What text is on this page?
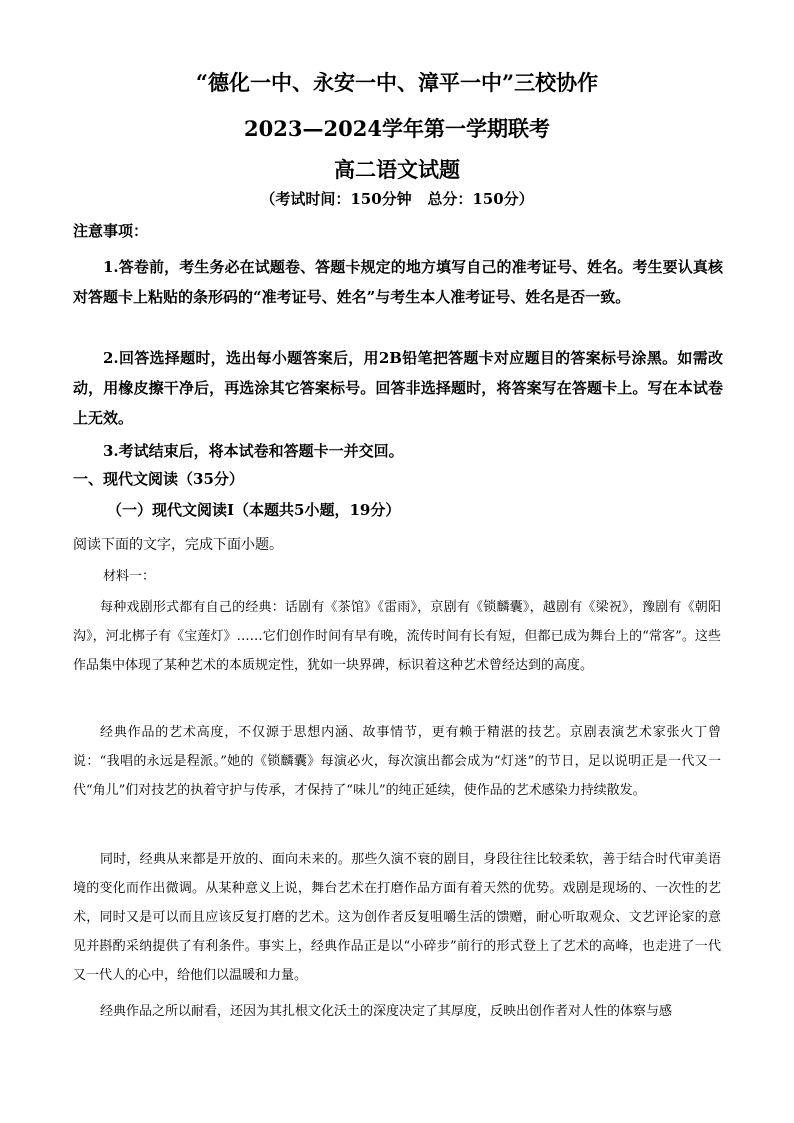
“德化一中、永安一中、漳平一中”三校协作
2023—2024学年第一学期联考
高二语文试题
（考试时间：150分钟   总分：150分）
注意事项：
1.答卷前，考生务必在试题卷、答题卡规定的地方填写自己的准考证号、姓名。考生要认真核对答题卡上粘贴的条形码的“准考证号、姓名”与考生本人准考证号、姓名是否一致。
2.回答选择题时，选出每小题答案后，用2B铅笔把答题卡对应题目的答案标号涂黑。如需改动，用橡皮擦干净后，再选涂其它答案标号。回答非选择题时，将答案写在答题卡上。写在本试卷上无效。
3.考试结束后，将本试卷和答题卡一并交回。
一、现代文阅读（35分）
（一）现代文阅读Ⅰ（本题共5小题，19分）
阅读下面的文字，完成下面小题。
材料一：
每种戏剧形式都有自己的经典：话剧有《茶馆》《雷雨》，京剧有《锁麟囊》，越剧有《梁祝》，豫剧有《朝阳沟》，河北梆子有《宝莲灯》……它们创作时间有早有晚，流传时间有长有短，但都已成为舞台上的“常客”。这些作品集中体现了某种艺术的本质规定性，犹如一块界碑，标识着这种艺术曾经达到的高度。
经典作品的艺术高度，不仅源于思想内涵、故事情节，更有赖于精湛的技艺。京剧表演艺术家张火丁曾说：“我唱的永远是程派。”她的《锁麟囊》每演必火，每次演出都会成为“灯迷”的节日，足以说明正是一代又一代“角儿”们对技艺的执着守护与传承，才保持了“味儿”的纯正延续，使作品的艺术感染力持续散发。
同时，经典从来都是开放的、面向未来的。那些久演不衰的剧目，身段往往比较柔软，善于结合时代审美语境的变化而作出微调。从某种意义上说，舞台艺术在打磨作品方面有着天然的优势。戏剧是现场的、一次性的艺术，同时又是可以而且应该反复打磨的艺术。这为创作者反复咀嚼生活的馈赠，耐心听取观众、文艺评论家的意见并斟酌采纳提供了有利条件。事实上，经典作品正是以“小碎步”前行的形式登上了艺术的高峰，也走进了一代又一代人的心中，给他们以温暖和力量。
经典作品之所以耐看，还因为其扎根文化沃土的深度决定了其厚度，反映出创作者对人性的体察与感
